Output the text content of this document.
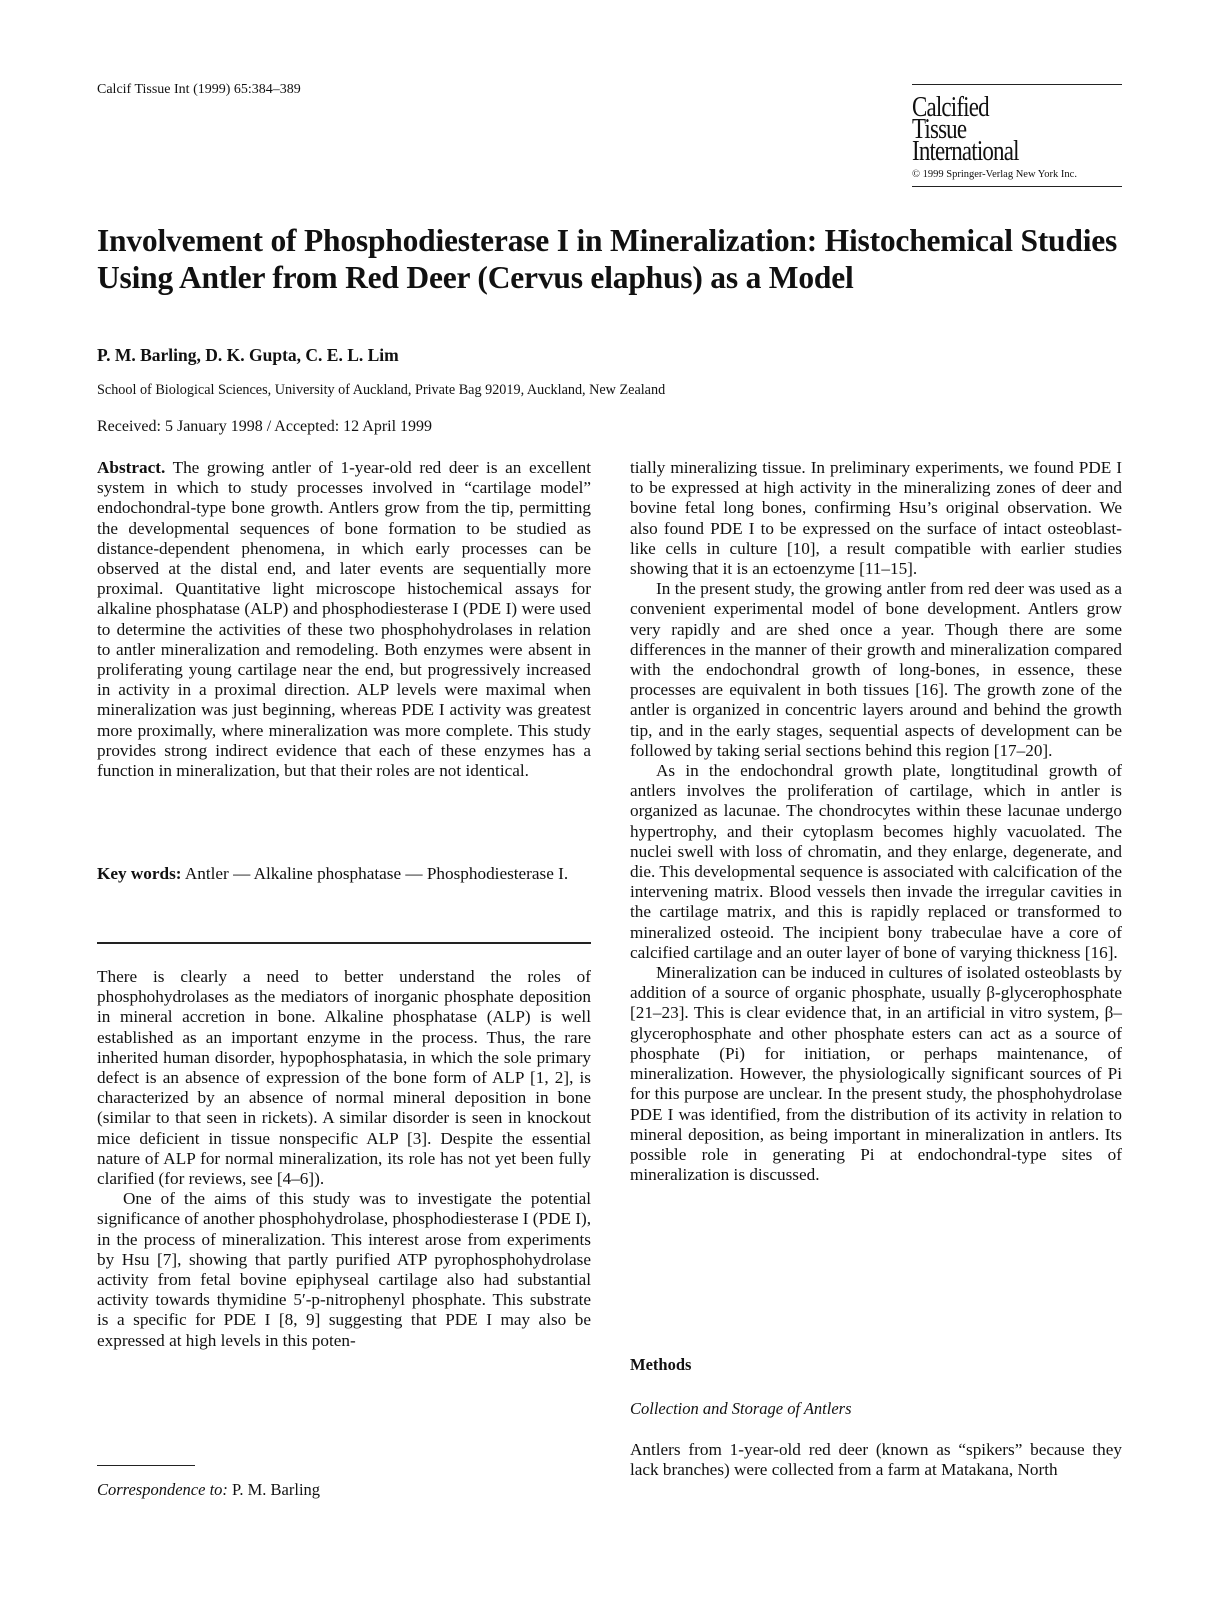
Calcif Tissue Int (1999) 65:384–389
Calcified
Tissue
International
© 1999 Springer-Verlag New York Inc.
Involvement of Phosphodiesterase I in Mineralization: Histochemical Studies Using Antler from Red Deer (Cervus elaphus) as a Model
P. M. Barling, D. K. Gupta, C. E. L. Lim
School of Biological Sciences, University of Auckland, Private Bag 92019, Auckland, New Zealand
Received: 5 January 1998 / Accepted: 12 April 1999

Abstract. The growing antler of 1-year-old red deer is an excellent system in which to study processes involved in “cartilage model” endochondral-type bone growth. Antlers grow from the tip, permitting the developmental sequences of bone formation to be studied as distance-dependent phenomena, in which early processes can be observed at the distal end, and later events are sequentially more proximal. Quantitative light microscope histochemical assays for alkaline phosphatase (ALP) and phosphodiesterase I (PDE I) were used to determine the activities of these two phosphohydrolases in relation to antler mineralization and remodeling. Both enzymes were absent in proliferating young cartilage near the end, but progressively increased in activity in a proximal direction. ALP levels were maximal when mineralization was just beginning, whereas PDE I activity was greatest more proximally, where mineralization was more complete. This study provides strong indirect evidence that each of these enzymes has a function in mineralization, but that their roles are not identical.

Key words: Antler — Alkaline phosphatase — Phosphodiesterase I.

There is clearly a need to better understand the roles of phosphohydrolases as the mediators of inorganic phosphate deposition in mineral accretion in bone. Alkaline phosphatase (ALP) is well established as an important enzyme in the process. Thus, the rare inherited human disorder, hypophosphatasia, in which the sole primary defect is an absence of expression of the bone form of ALP [1, 2], is characterized by an absence of normal mineral deposition in bone (similar to that seen in rickets). A similar disorder is seen in knockout mice deficient in tissue nonspecific ALP [3]. Despite the essential nature of ALP for normal mineralization, its role has not yet been fully clarified (for reviews, see [4–6]).

One of the aims of this study was to investigate the potential significance of another phosphohydrolase, phosphodiesterase I (PDE I), in the process of mineralization. This interest arose from experiments by Hsu [7], showing that partly purified ATP pyrophosphohydrolase activity from fetal bovine epiphyseal cartilage also had substantial activity towards thymidine 5′-p-nitrophenyl phosphate. This substrate is a specific for PDE I [8, 9] suggesting that PDE I may also be expressed at high levels in this poten-

Correspondence to: P. M. Barling

tially mineralizing tissue. In preliminary experiments, we found PDE I to be expressed at high activity in the mineralizing zones of deer and bovine fetal long bones, confirming Hsu’s original observation. We also found PDE I to be expressed on the surface of intact osteoblast-like cells in culture [10], a result compatible with earlier studies showing that it is an ectoenzyme [11–15].

In the present study, the growing antler from red deer was used as a convenient experimental model of bone development. Antlers grow very rapidly and are shed once a year. Though there are some differences in the manner of their growth and mineralization compared with the endochondral growth of long-bones, in essence, these processes are equivalent in both tissues [16]. The growth zone of the antler is organized in concentric layers around and behind the growth tip, and in the early stages, sequential aspects of development can be followed by taking serial sections behind this region [17–20].

As in the endochondral growth plate, longtitudinal growth of antlers involves the proliferation of cartilage, which in antler is organized as lacunae. The chondrocytes within these lacunae undergo hypertrophy, and their cytoplasm becomes highly vacuolated. The nuclei swell with loss of chromatin, and they enlarge, degenerate, and die. This developmental sequence is associated with calcification of the intervening matrix. Blood vessels then invade the irregular cavities in the cartilage matrix, and this is rapidly replaced or transformed to mineralized osteoid. The incipient bony trabeculae have a core of calcified cartilage and an outer layer of bone of varying thickness [16].

Mineralization can be induced in cultures of isolated osteoblasts by addition of a source of organic phosphate, usually β-glycerophosphate [21–23]. This is clear evidence that, in an artificial in vitro system, β–glycerophosphate and other phosphate esters can act as a source of phosphate (Pi) for initiation, or perhaps maintenance, of mineralization. However, the physiologically significant sources of Pi for this purpose are unclear. In the present study, the phosphohydrolase PDE I was identified, from the distribution of its activity in relation to mineral deposition, as being important in mineralization in antlers. Its possible role in generating Pi at endochondral-type sites of mineralization is discussed.

Methods
Collection and Storage of Antlers
Antlers from 1-year-old red deer (known as “spikers” because they lack branches) were collected from a farm at Matakana, North
